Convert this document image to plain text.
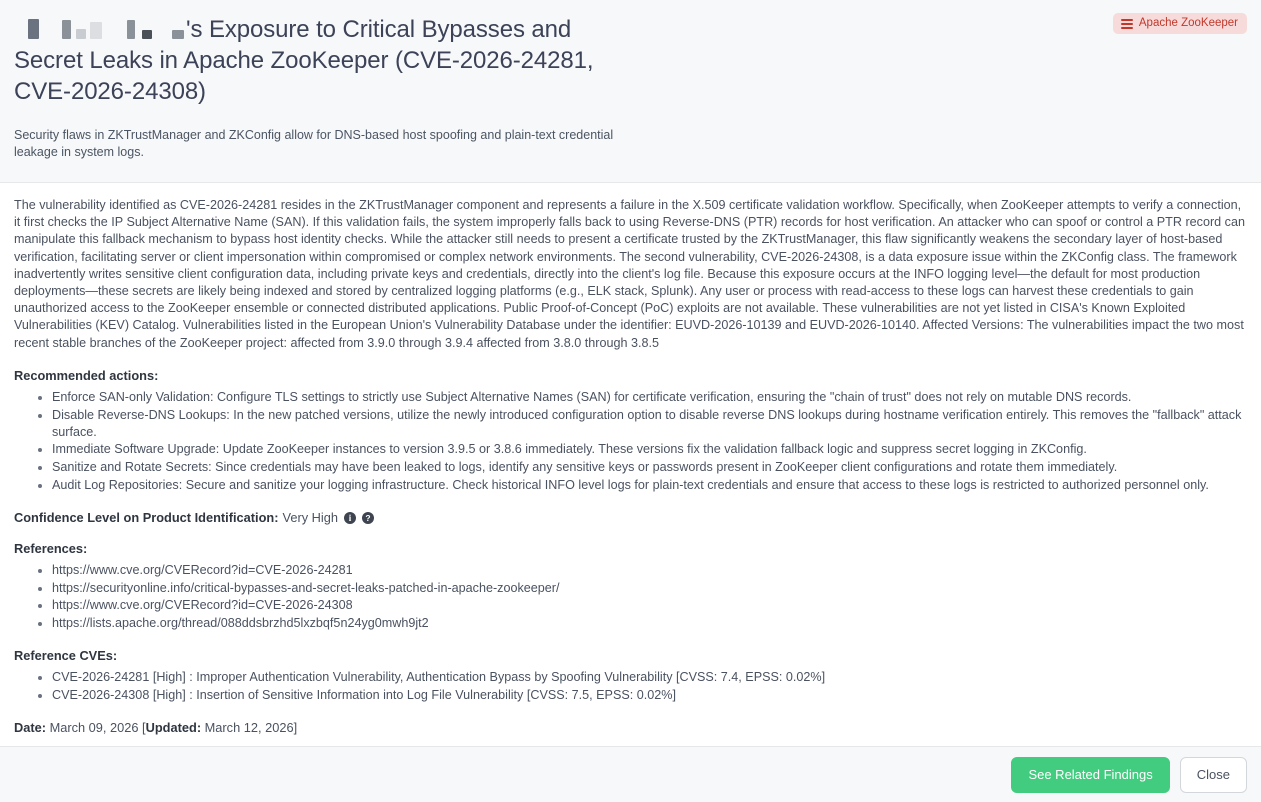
's Exposure to Critical Bypasses and Secret Leaks in Apache ZooKeeper (CVE-2026-24281, CVE-2026-24308)

Security flaws in ZKTrustManager and ZKConfig allow for DNS-based host spoofing and plain-text credential leakage in system logs.

Apache ZooKeeper

The vulnerability identified as CVE-2026-24281 resides in the ZKTrustManager component and represents a failure in the X.509 certificate validation workflow. Specifically, when ZooKeeper attempts to verify a connection, it first checks the IP Subject Alternative Name (SAN). If this validation fails, the system improperly falls back to using Reverse-DNS (PTR) records for host verification. An attacker who can spoof or control a PTR record can manipulate this fallback mechanism to bypass host identity checks. While the attacker still needs to present a certificate trusted by the ZKTrustManager, this flaw significantly weakens the secondary layer of host-based verification, facilitating server or client impersonation within compromised or complex network environments. The second vulnerability, CVE-2026-24308, is a data exposure issue within the ZKConfig class. The framework inadvertently writes sensitive client configuration data, including private keys and credentials, directly into the client's log file. Because this exposure occurs at the INFO logging level—the default for most production deployments—these secrets are likely being indexed and stored by centralized logging platforms (e.g., ELK stack, Splunk). Any user or process with read-access to these logs can harvest these credentials to gain unauthorized access to the ZooKeeper ensemble or connected distributed applications. Public Proof-of-Concept (PoC) exploits are not available. These vulnerabilities are not yet listed in CISA's Known Exploited Vulnerabilities (KEV) Catalog. Vulnerabilities listed in the European Union's Vulnerability Database under the identifier: EUVD-2026-10139 and EUVD-2026-10140. Affected Versions: The vulnerabilities impact the two most recent stable branches of the ZooKeeper project: affected from 3.9.0 through 3.9.4 affected from 3.8.0 through 3.8.5

Recommended actions:
• Enforce SAN-only Validation: Configure TLS settings to strictly use Subject Alternative Names (SAN) for certificate verification, ensuring the "chain of trust" does not rely on mutable DNS records.
• Disable Reverse-DNS Lookups: In the new patched versions, utilize the newly introduced configuration option to disable reverse DNS lookups during hostname verification entirely. This removes the "fallback" attack surface.
• Immediate Software Upgrade: Update ZooKeeper instances to version 3.9.5 or 3.8.6 immediately. These versions fix the validation fallback logic and suppress secret logging in ZKConfig.
• Sanitize and Rotate Secrets: Since credentials may have been leaked to logs, identify any sensitive keys or passwords present in ZooKeeper client configurations and rotate them immediately.
• Audit Log Repositories: Secure and sanitize your logging infrastructure. Check historical INFO level logs for plain-text credentials and ensure that access to these logs is restricted to authorized personnel only.
Confidence Level on Product Identification: Very High	i	?
References:
• https://www.cve.org/CVERecord?id=CVE-2026-24281
• https://securityonline.info/critical-bypasses-and-secret-leaks-patched-in-apache-zookeeper/
• https://www.cve.org/CVERecord?id=CVE-2026-24308
• https://lists.apache.org/thread/088ddsbrzhd5lxzbqf5n24yg0mwh9jt2
Reference CVEs:
• CVE-2026-24281 [High] : Improper Authentication Vulnerability, Authentication Bypass by Spoofing Vulnerability [CVSS: 7.4, EPSS: 0.02%]
• CVE-2026-24308 [High] : Insertion of Sensitive Information into Log File Vulnerability [CVSS: 7.5, EPSS: 0.02%]
Date: March 09, 2026 [Updated: March 12, 2026]
See Related Findings	Close
